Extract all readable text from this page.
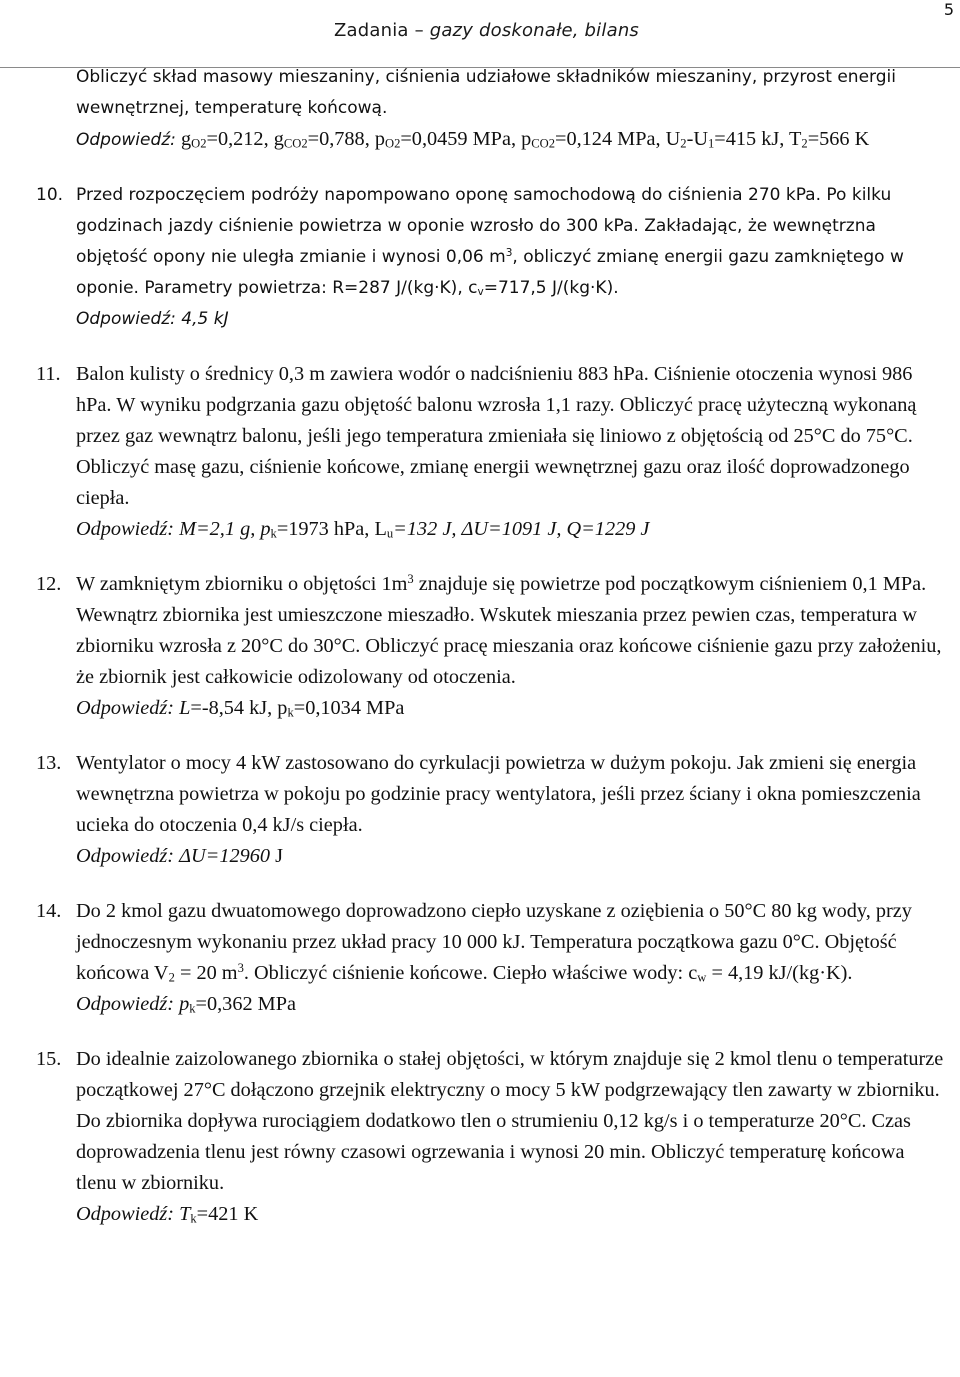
5
Zadania – gazy doskonałe, bilans

Obliczyć skład masowy mieszaniny, ciśnienia udziałowe składników mieszaniny, przyrost energii wewnętrznej, temperaturę końcową.

Odpowiedź: $g_{O2}=0,212$, $g_{CO2}=0,788$, $p_{O2}=0,0459$ MPa, $p_{CO2}=0,124$ MPa, $U_2-U_1=415$ kJ, $T_2=566$ K

10. Przed rozpoczęciem podróży napompowano oponę samochodową do ciśnienia 270 kPa. Po kilku godzinach jazdy ciśnienie powietrza w oponie wzrosło do 300 kPa. Zakładając, że wewnętrzna objętość opony nie uległa zmianie i wynosi 0,06 $m^3$, obliczyć zmianę energii gazu zamkniętego w oponie. Parametry powietrza: R=287 J/(kg·K), $c_v=717,5$ J/(kg·K).

Odpowiedź: 4,5 kJ

11. Balon kulisty o średnicy 0,3 m zawiera wodór o nadciśnieniu 883 hPa. Ciśnienie otoczenia wynosi 986 hPa. W wyniku podgrzania gazu objętość balonu wzrosła 1,1 razy. Obliczyć pracę użyteczną wykonaną przez gaz wewnątrz balonu, jeśli jego temperatura zmieniała się liniowo z objętością od 25°C do 75°C. Obliczyć masę gazu, ciśnienie końcowe, zmianę energii wewnętrznej gazu oraz ilość doprowadzonego ciepła.

Odpowiedź: M=2,1 g, $p_k=1973$ hPa, $L_u=132$ J, ΔU=1091 J, Q=1229 J

12. W zamkniętym zbiorniku o objętości $1m^3$ znajduje się powietrze pod początkowym ciśnieniem 0,1 MPa. Wewnątrz zbiornika jest umieszczone mieszadło. Wskutek mieszania przez pewien czas, temperatura w zbiorniku wzrosła z 20°C do 30°C. Obliczyć pracę mieszania oraz końcowe ciśnienie gazu przy założeniu, że zbiornik jest całkowicie odizolowany od otoczenia.

Odpowiedź: L=-8,54 kJ, $p_k=0,1034$ MPa

13. Wentylator o mocy 4 kW zastosowano do cyrkulacji powietrza w dużym pokoju. Jak zmieni się energia wewnętrzna powietrza w pokoju po godzinie pracy wentylatora, jeśli przez ściany i okna pomieszczenia ucieka do otoczenia 0,4 kJ/s ciepła.

Odpowiedź: ΔU=12960 J

14. Do 2 kmol gazu dwuatomowego doprowadzono ciepło uzyskane z oziębienia o 50°C 80 kg wody, przy jednoczesnym wykonaniu przez układ pracy 10 000 kJ. Temperatura początkowa gazu 0°C. Objętość końcowa $V_2 = 20$ $m^3$. Obliczyć ciśnienie końcowe. Ciepło właściwe wody: $c_w = 4,19$ kJ/(kg·K).

Odpowiedź: $p_k=0,362$ MPa

15. Do idealnie zaizolowanego zbiornika o stałej objętości, w którym znajduje się 2 kmol tlenu o temperaturze początkowej 27°C dołączono grzejnik elektryczny o mocy 5 kW podgrzewający tlen zawarty w zbiorniku. Do zbiornika dopływa rurociągiem dodatkowo tlen o strumieniu 0,12 kg/s i o temperaturze 20°C. Czas doprowadzenia tlenu jest równy czasowi ogrzewania i wynosi 20 min. Obliczyć temperaturę końcowa tlenu w zbiorniku.

Odpowiedź: $T_k=421$ K
